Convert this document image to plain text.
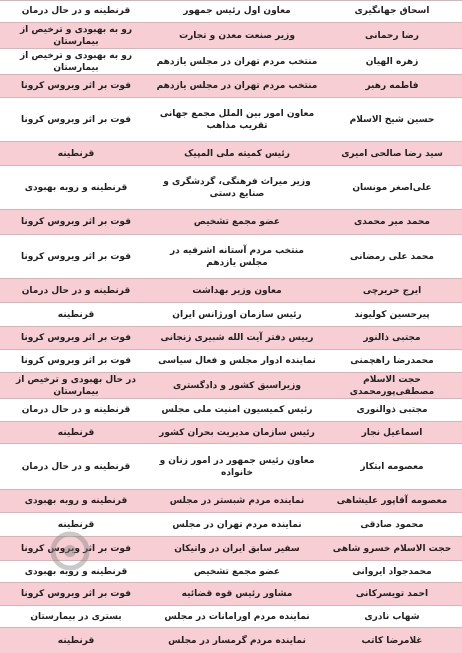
اسحاق جهانگیری	معاون اول رئیس جمهور	قرنطینه و در حال درمان
رضا رحمانی	وزیر صنعت معدن و تجارت	رو به بهبودی و ترخیص از بیمارستان
زهره الهیان	منتخب مردم تهران در مجلس یازدهم	رو به بهبودی و ترخیص از بیمارستان
فاطمه رهبر	منتخب مردم تهران در مجلس یازدهم	فوت بر اثر ویروس کرونا
حسین شیخ الاسلام	معاون امور بین الملل مجمع جهانی تقریب مذاهب	فوت بر اثر ویروس کرونا
سید رضا صالحی امیری	رئیس کمیته ملی المپیک	قرنطینه
علی‌اصغر مونسان	وزیر میراث فرهنگی، گردشگری و صنایع دستی	قرنطینه و روبه بهبودی
محمد میر محمدی	عضو مجمع تشخیص	فوت بر اثر ویروس کرونا
محمد علی رمضانی	منتخب مردم آستانه اشرفیه در مجلس یازدهم	فوت بر اثر ویروس کرونا
ایرج حریرچی	معاون وزیر بهداشت	قرنطینه و در حال درمان
پیرحسین کولیوند	رئیس سازمان اورژانس ایران	قرنطینه
مجتبی ذالنور	رییس دفتر آیت الله شبیری زنجانی	فوت بر اثر ویروس کرونا
محمدرضا راهچمنی	نماینده ادوار مجلس و فعال سیاسی	فوت بر اثر ویروس کرونا
حجت الاسلام مصطفی‌پورمحمدی	وزیراسبق کشور و دادگستری	در حال بهبودی و ترخیص از بیمارستان
مجتبی ذوالنوری	رئیس کمیسیون امنیت ملی مجلس	قرنطینه و در حال درمان
اسماعیل نجار	رئیس سازمان مدیریت بحران کشور	قرنطینه
معصومه ابتکار	معاون رئیس جمهور در امور زنان و خانواده	قرنطینه و در حال درمان
معصومه آقاپور علیشاهی	نماینده مردم شبستر در مجلس	قرنطینه و روبه بهبودی
محمود صادقی	نماینده مردم تهران در مجلس	قرنطینه
حجت الاسلام خسرو شاهی	سفیر سابق ایران در واتیکان	فوت بر اثر ویروس کرونا
محمدجواد ایروانی	عضو مجمع تشخیص	قرنطینه و روبه بهبودی
احمد تویسرکانی	مشاور رئیس قوه قضائیه	فوت بر اثر ویروس کرونا
شهاب نادری	نماینده مردم اورامانات در مجلس	بستری در بیمارستان
غلامرضا کاتب	نماینده مردم گرمسار در مجلس	قرنطینه
